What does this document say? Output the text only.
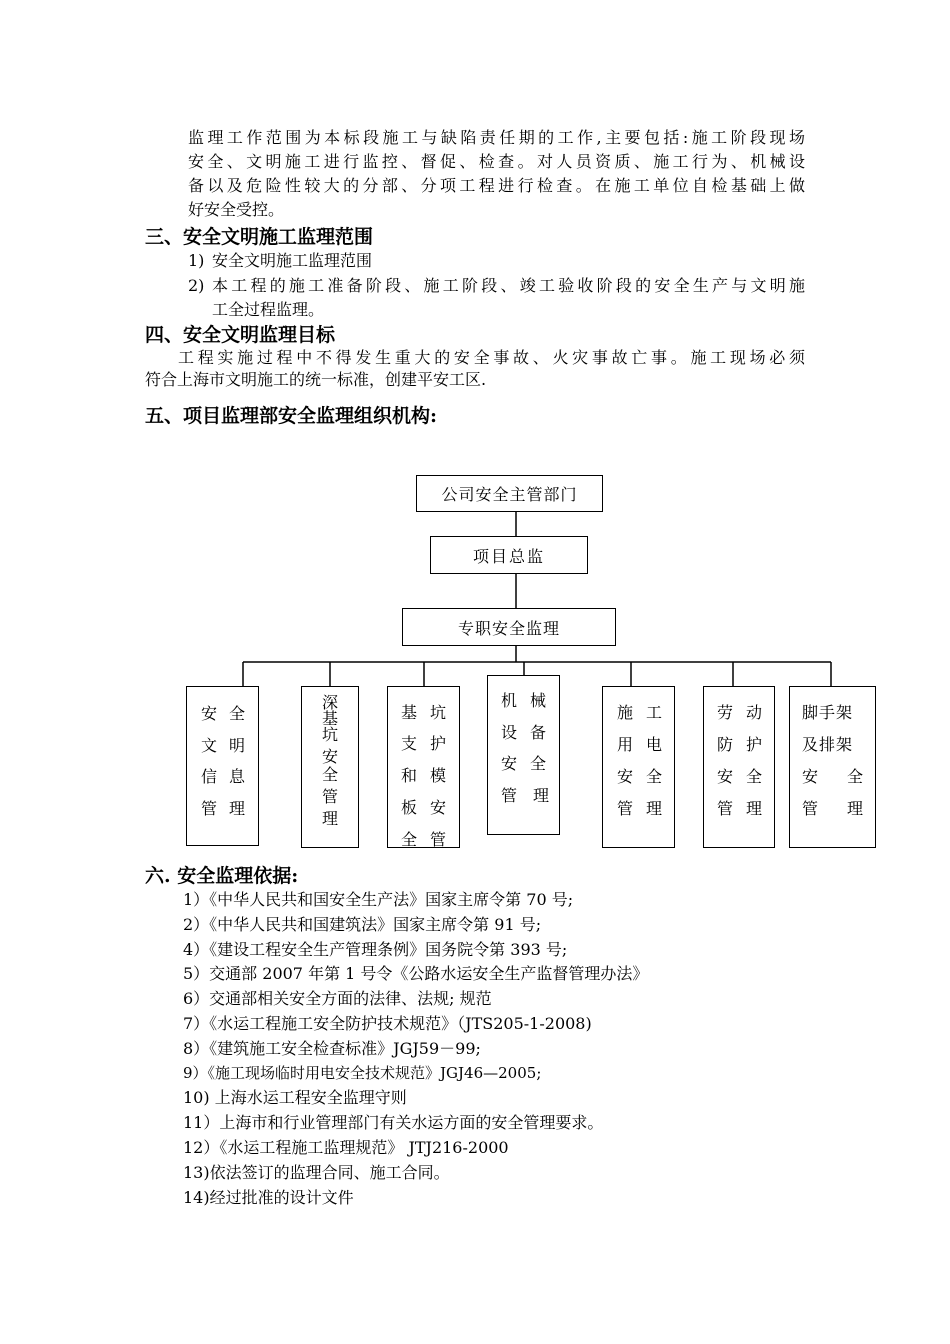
监理工作范围为本标段施工与缺陷责任期的工作,主要包括:施工阶段现场
安全、文明施工进行监控、督促、检查。对人员资质、施工行为、机械设
备以及危险性较大的分部、分项工程进行检查。在施工单位自检基础上做
好安全受控。
三、安全文明施工监理范围
1) 安全文明施工监理范围
2) 本工程的施工准备阶段、施工阶段、竣工验收阶段的安全生产与文明施
工全过程监理。
四、安全文明监理目标
工程实施过程中不得发生重大的安全事故、火灾事故亡事。施工现场必须
符合上海市文明施工的统一标准，创建平安工区.
五、项目监理部安全监理组织机构:
公司安全主管部门
项目总监
专职安全监理
安 全
文 明
信 息
管 理
深
基
坑
安
全
管
理
基 坑
支 护
和 模
板 安
全 管
机 械
设 备
安 全
管　理
施 工
用 电
安 全
管 理
劳 动
防 护
安 全
管 理
脚手架
及排架
安 全
管 理
六. 安全监理依据:
1）《中华人民共和国安全生产法》国家主席令第 70 号;
2）《中华人民共和国建筑法》国家主席令第 91 号;
4）《建设工程安全生产管理条例》国务院令第 393 号;
5）交通部 2007 年第 1 号令《公路水运安全生产监督管理办法》
6）交通部相关安全方面的法律、法规; 规范
7）《水运工程施工安全防护技术规范》（JTS205-1-2008)
8）《建筑施工安全检查标准》JGJ59－99;
9）《施工现场临时用电安全技术规范》JGJ46—2005;
10) 上海水运工程安全监理守则
11）上海市和行业管理部门有关水运方面的安全管理要求。
12）《水运工程施工监理规范》 JTJ216-2000
13)依法签订的监理合同、施工合同。
14)经过批准的设计文件
